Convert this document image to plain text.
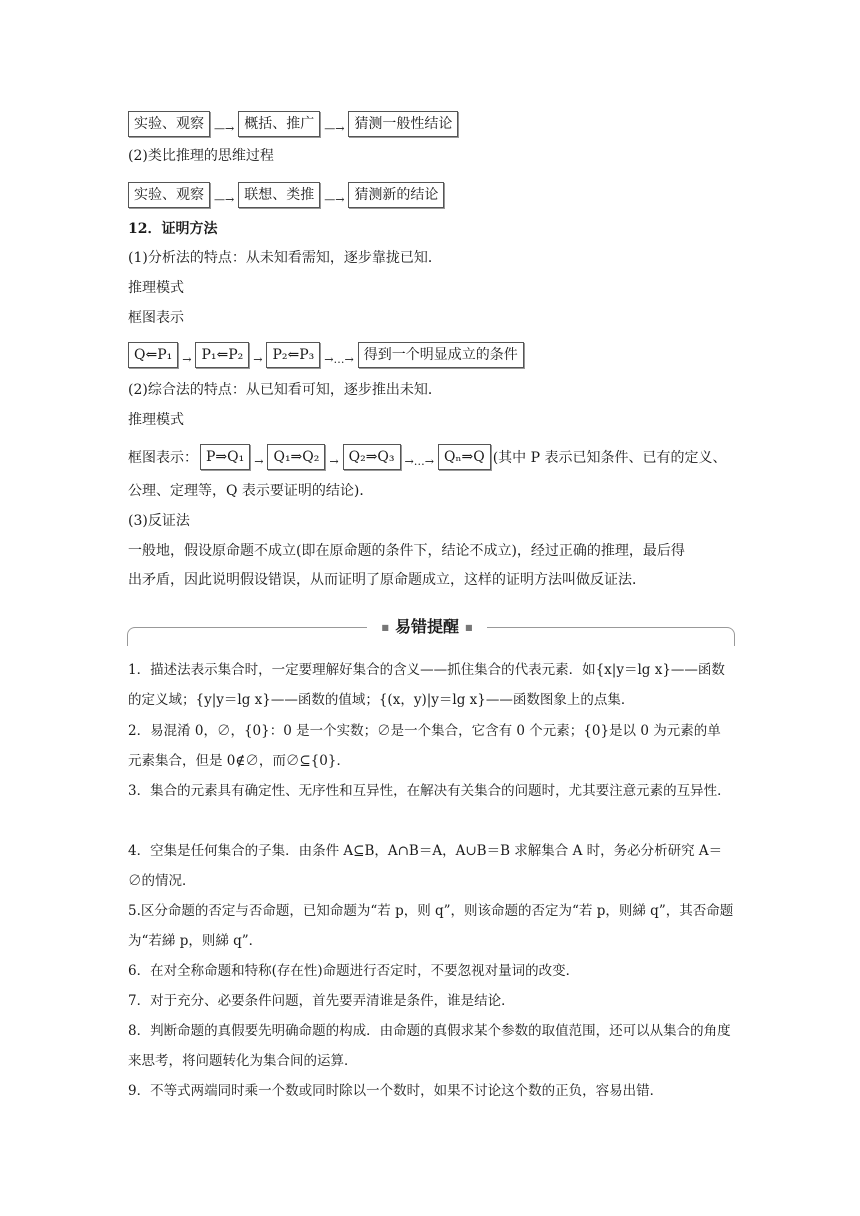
实验、观察 —→ 概括、推广 —→ 猜测一般性结论
(2)类比推理的思维过程
实验、观察 —→ 联想、类推 —→ 猜测新的结论
12．证明方法
(1)分析法的特点：从未知看需知，逐步靠拢已知．
推理模式
框图表示
Q⇐P₁ → P₁⇐P₂ → P₂⇐P₃ →…→ 得到一个明显成立的条件
(2)综合法的特点：从已知看可知，逐步推出未知．
推理模式
框图表示： P⇒Q₁ → Q₁⇒Q₂ → Q₂⇒Q₃ →…→ Qₙ⇒Q (其中 P 表示已知条件、已有的定义、
公理、定理等，Q 表示要证明的结论)．
(3)反证法
一般地，假设原命题不成立(即在原命题的条件下，结论不成立)，经过正确的推理，最后得
出矛盾，因此说明假设错误，从而证明了原命题成立，这样的证明方法叫做反证法．
■ 易错提醒 ■
1．描述法表示集合时，一定要理解好集合的含义——抓住集合的代表元素．如{x|y＝lg x}——函数的定义域；{y|y＝lg x}——函数的值域；{(x，y)|y＝lg x}——函数图象上的点集．
2．易混淆 0，∅，{0}：0 是一个实数；∅是一个集合，它含有 0 个元素；{0}是以 0 为元素的单元素集合，但是 0∉∅，而∅⊆{0}．
3．集合的元素具有确定性、无序性和互异性，在解决有关集合的问题时，尤其要注意元素的互异性．
4．空集是任何集合的子集．由条件 A⊆B，A∩B＝A，A∪B＝B 求解集合 A 时，务必分析研究 A＝∅的情况．
5.区分命题的否定与否命题，已知命题为“若 p，则 q”，则该命题的否定为“若 p，则綈 q”，其否命题为“若綈 p，则綈 q”．
6．在对全称命题和特称(存在性)命题进行否定时，不要忽视对量词的改变．
7．对于充分、必要条件问题，首先要弄清谁是条件，谁是结论．
8．判断命题的真假要先明确命题的构成．由命题的真假求某个参数的取值范围，还可以从集合的角度来思考，将问题转化为集合间的运算．
9．不等式两端同时乘一个数或同时除以一个数时，如果不讨论这个数的正负，容易出错．
